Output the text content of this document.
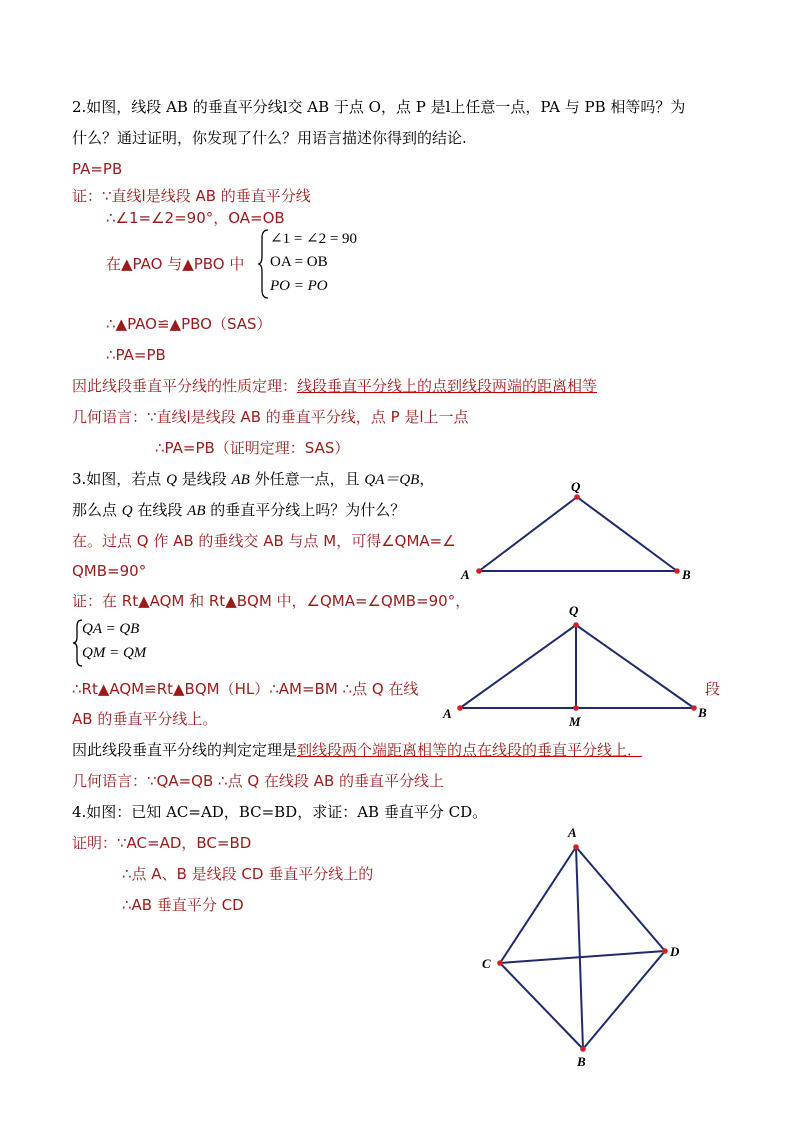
2.如图，线段 AB 的垂直平分线l交 AB 于点 O，点 P 是l上任意一点，PA 与 PB 相等吗？为
什么？通过证明，你发现了什么？用语言描述你得到的结论.
PA=PB
证：∵直线l是线段 AB 的垂直平分线
∴∠1=∠2=90°，OA=OB
在▲PAO 与▲PBO 中
∠1 = ∠2 = 90
OA = OB
PO = PO
∴▲PAO≌▲PBO（SAS）
∴PA=PB
因此线段垂直平分线的性质定理：线段垂直平分线上的点到线段两端的距离相等
几何语言：∵直线l是线段 AB 的垂直平分线，点 P 是l上一点
∴PA=PB（证明定理：SAS）
3.如图，若点 Q 是线段 AB 外任意一点，且 QA＝QB，
那么点 Q 在线段 AB 的垂直平分线上吗？为什么？
在。过点 Q 作 AB 的垂线交 AB 与点 M，可得∠QMA=∠
QMB=90°
证：在 Rt▲AQM 和 Rt▲BQM 中，∠QMA=∠QMB=90°，
QA = QB
QM = QM
∴Rt▲AQM≌Rt▲BQM（HL）∴AM=BM ∴点 Q 在线	段
AB 的垂直平分线上。
因此线段垂直平分线的判定定理是到线段两个端距离相等的点在线段的垂直平分线上．
几何语言：∵QA=QB ∴点 Q 在线段 AB 的垂直平分线上
4.如图：已知 AC=AD，BC=BD，求证：AB 垂直平分 CD。
证明：∵AC=AD，BC=BD
∴点 A、B 是线段 CD 垂直平分线上的
∴AB 垂直平分 CD
Q
A	B
Q
A	B
M
A
C
D
B
